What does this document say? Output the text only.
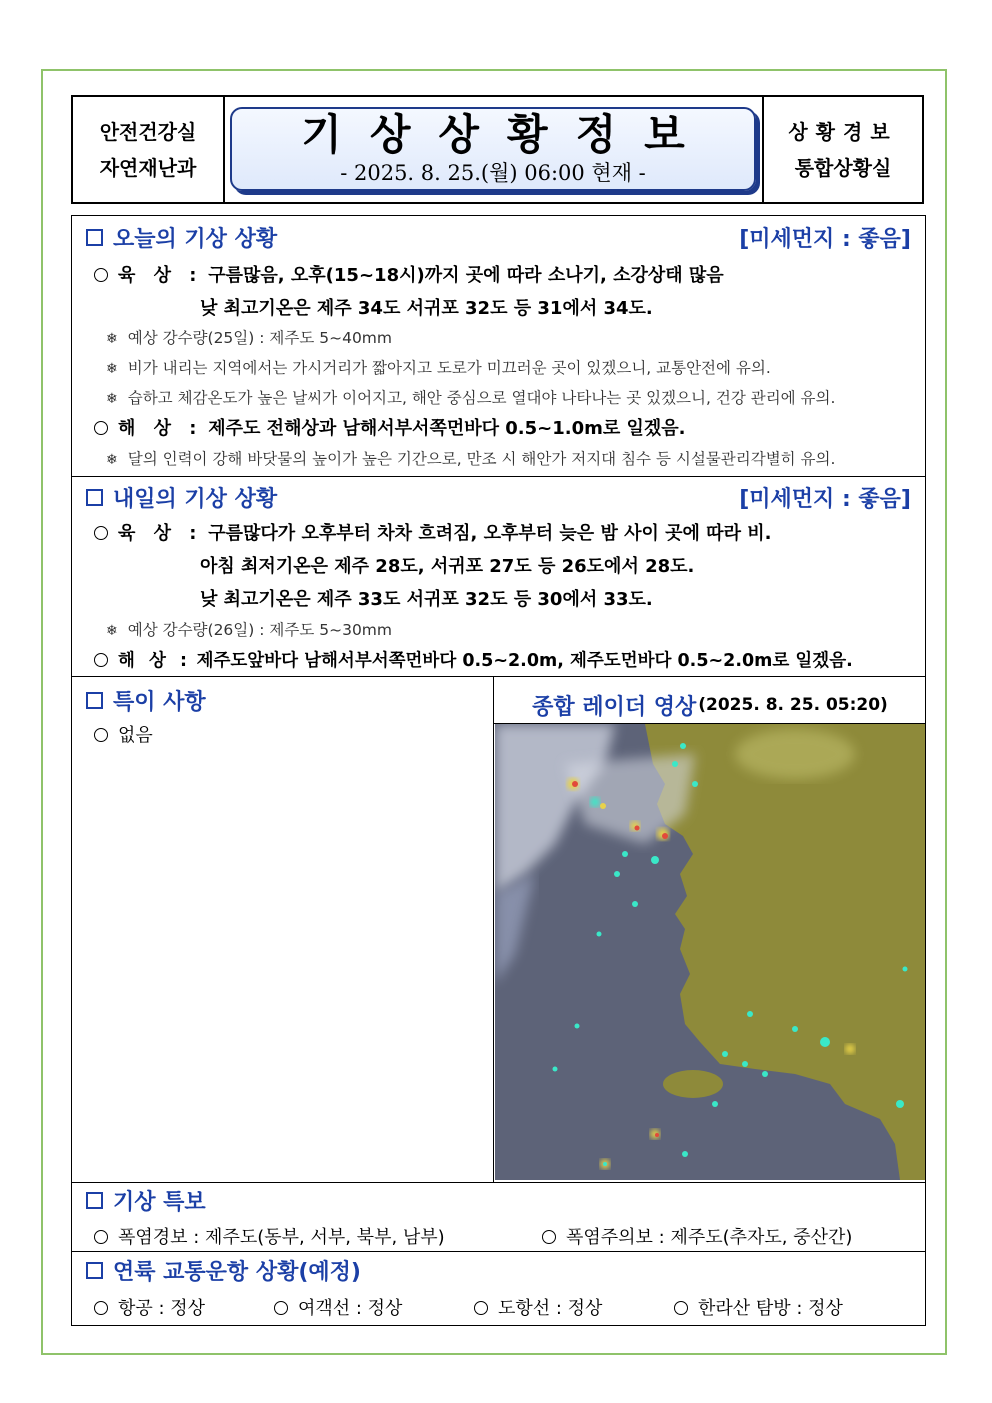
안전건강실
자연재난과
기상상황정보
- 2025. 8. 25.(월) 06:00 현재 -
상황경보
통합상황실
오늘의 기상 상황	[미세먼지 : 좋음]
육 상 : 구름많음, 오후(15~18시)까지 곳에 따라 소나기, 소강상태 많음
낮 최고기온은 제주 34도 서귀포 32도 등 31에서 34도.
❄ 예상 강수량(25일) : 제주도 5~40mm
❄ 비가 내리는 지역에서는 가시거리가 짧아지고 도로가 미끄러운 곳이 있겠으니, 교통안전에 유의.
❄ 습하고 체감온도가 높은 날씨가 이어지고, 해안 중심으로 열대야 나타나는 곳 있겠으니, 건강 관리에 유의.
해 상 : 제주도 전해상과 남해서부서쪽먼바다 0.5~1.0m로 일겠음.
❄ 달의 인력이 강해 바닷물의 높이가 높은 기간으로, 만조 시 해안가 저지대 침수 등 시설물관리각별히 유의.
내일의 기상 상황	[미세먼지 : 좋음]
육 상 : 구름많다가 오후부터 차차 흐려짐, 오후부터 늦은 밤 사이 곳에 따라 비.
아침 최저기온은 제주 28도, 서귀포 27도 등 26도에서 28도.
낮 최고기온은 제주 33도 서귀포 32도 등 30에서 33도.
❄ 예상 강수량(26일) : 제주도 5~30mm
해 상 : 제주도앞바다 남해서부서쪽먼바다 0.5~2.0m, 제주도먼바다 0.5~2.0m로 일겠음.
특이 사항
없음
종합 레이더 영상 (2025. 8. 25. 05:20)
기상 특보
폭염경보 : 제주도(동부, 서부, 북부, 남부)	폭염주의보 : 제주도(추자도, 중산간)
연륙 교통운항 상황(예정)
항공 : 정상	여객선 : 정상	도항선 : 정상	한라산 탐방 : 정상
